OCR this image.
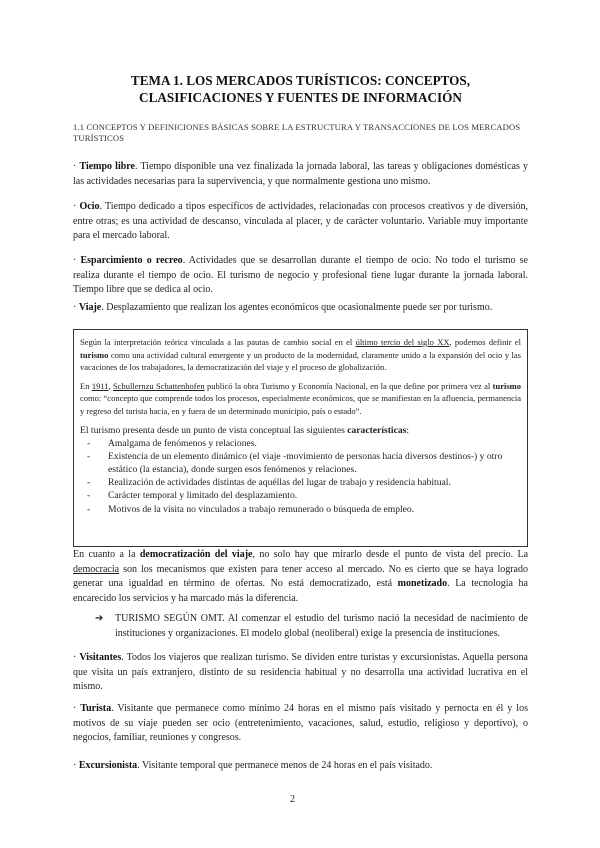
TEMA 1. LOS MERCADOS TURÍSTICOS: CONCEPTOS, CLASIFICACIONES Y FUENTES DE INFORMACIÓN

1.1 CONCEPTOS Y DEFINICIONES BÁSICAS SOBRE LA ESTRUCTURA Y TRANSACCIONES DE LOS MERCADOS TURÍSTICOS

· Tiempo libre. Tiempo disponible una vez finalizada la jornada laboral, las tareas y obligaciones domésticas y las actividades necesarias para la supervivencia, y que normalmente gestiona uno mismo.

· Ocio. Tiempo dedicado a tipos específicos de actividades, relacionadas con procesos creativos y de diversión, entre otras; es una actividad de descanso, vinculada al placer, y de carácter voluntario. Variable muy importante para el mercado laboral.

· Esparcimiento o recreo. Actividades que se desarrollan durante el tiempo de ocio. No todo el turismo se realiza durante el tiempo de ocio. El turismo de negocio y profesional tiene lugar durante la jornada laboral. Tiempo libre que se dedica al ocio.

· Viaje. Desplazamiento que realizan los agentes económicos que ocasionalmente puede ser por turismo.

Según la interpretación teórica vinculada a las pautas de cambio social en el último tercio del siglo XX, podemos definir el turismo como una actividad cultural emergente y un producto de la modernidad, claramente unido a la expansión del ocio y las vacaciones de los trabajadores, la democratización del viaje y el proceso de globalización.

En 1911, Schullernzu Schattenhofen publicó la obra Turismo y Economía Nacional, en la que define por primera vez al turismo como: “concepto que comprende todos los procesos, especialmente económicos, que se manifiestan en la afluencia, permanencia y regreso del turista hacia, en y fuera de un determinado municipio, país o estado”.

El turismo presenta desde un punto de vista conceptual las siguientes características:

- Amalgama de fenómenos y relaciones.
- Existencia de un elemento dinámico (el viaje -movimiento de personas hacia diversos destinos-) y otro estático (la estancia), donde surgen esos fenómenos y relaciones.
- Realización de actividades distintas de aquéllas del lugar de trabajo y residencia habitual.
- Carácter temporal y limitado del desplazamiento.
- Motivos de la visita no vinculados a trabajo remunerado o búsqueda de empleo.

En cuanto a la democratización del viaje, no solo hay que mirarlo desde el punto de vista del precio. La democracia son los mecanismos que existen para tener acceso al mercado. No es cierto que se haya logrado generar una igualdad en término de ofertas. No está democratizado, está monetizado. La tecnología ha encarecido los servicios y ha marcado más la diferencia.

➔ TURISMO SEGÚN OMT. Al comenzar el estudio del turismo nació la necesidad de nacimiento de instituciones y organizaciones. El modelo global (neoliberal) exige la presencia de instituciones.

· Visitantes. Todos los viajeros que realizan turismo. Se dividen entre turistas y excursionistas. Aquella persona que visita un país extranjero, distinto de su residencia habitual y no desarrolla una actividad lucrativa en el mismo.

· Turista. Visitante que permanece como mínimo 24 horas en el mismo país visitado y pernocta en él y los motivos de su viaje pueden ser ocio (entretenimiento, vacaciones, salud, estudio, religioso y deportivo), o negocios, familiar, reuniones y congresos.

· Excursionista. Visitante temporal que permanece menos de 24 horas en el país visitado.

2
